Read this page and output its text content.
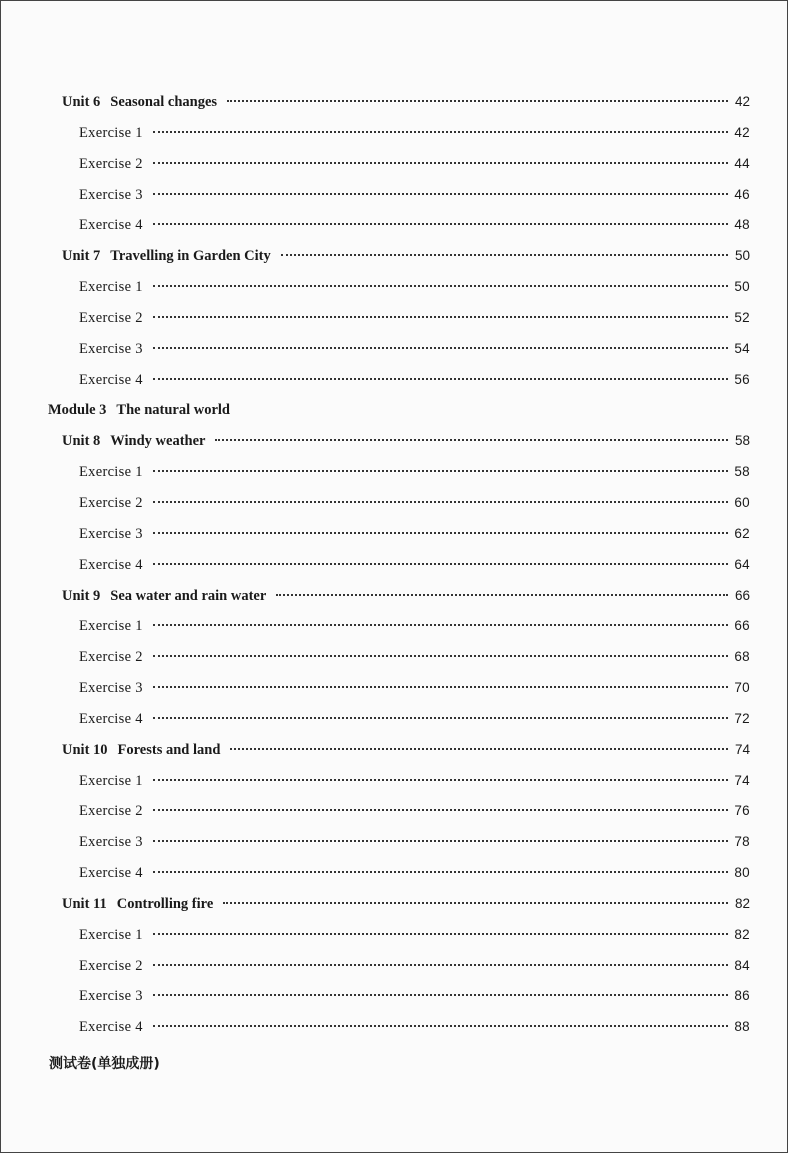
Unit 6 Seasonal changes	42
Exercise 1	42
Exercise 2	44
Exercise 3	46
Exercise 4	48
Unit 7 Travelling in Garden City	50
Exercise 1	50
Exercise 2	52
Exercise 3	54
Exercise 4	56
Module 3 The natural world
Unit 8 Windy weather	58
Exercise 1	58
Exercise 2	60
Exercise 3	62
Exercise 4	64
Unit 9 Sea water and rain water	66
Exercise 1	66
Exercise 2	68
Exercise 3	70
Exercise 4	72
Unit 10 Forests and land	74
Exercise 1	74
Exercise 2	76
Exercise 3	78
Exercise 4	80
Unit 11 Controlling fire	82
Exercise 1	82
Exercise 2	84
Exercise 3	86
Exercise 4	88
测试卷(单独成册)
